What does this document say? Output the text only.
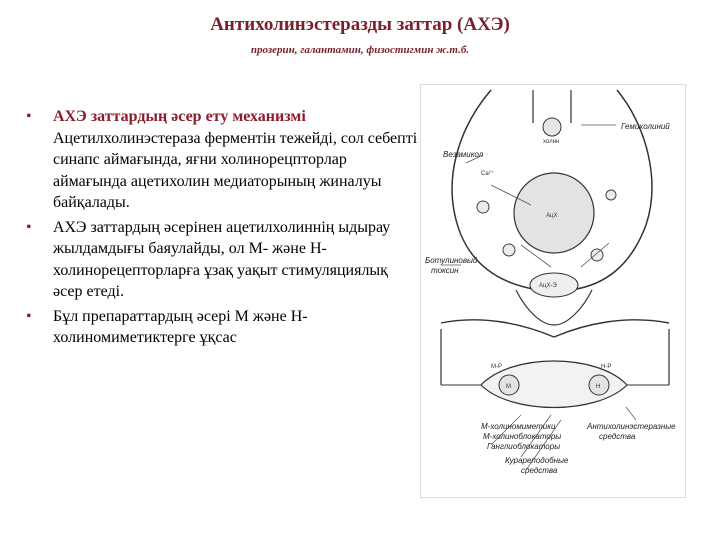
Антихолинэстеразды заттар (АХЭ)
прозерин, галантамин, физостигмин ж.т.б.
• АХЭ заттардың әсер ету механизмі
Ацетилхолинэстераза ферментін тежейді, сол себепті синапс аймағында, яғни холинорецпторлар аймағында ацетихолин медиаторының жиналуы байқалады.
• АХЭ заттардың әсерінен ацетилхолиннің ыдырау жылдамдығы баяулайды, ол М- және Н-холинорецепторларға ұзақ уақыт стимуляциялық әсер етеді.
• Бұл препараттардың әсері М және Н-холиномиметиктерге ұқсас
АцХ
Ca²⁺
холин
АцХ-Э
M	H
M-P	H-P
Гемихолиний
Везамикол
Ботулиновый
токсин
М-холиномиметики
М-холиноблокаторы
Ганглиоблокаторы
Курареподобные
средства
Антихолинэстеразные
средства
